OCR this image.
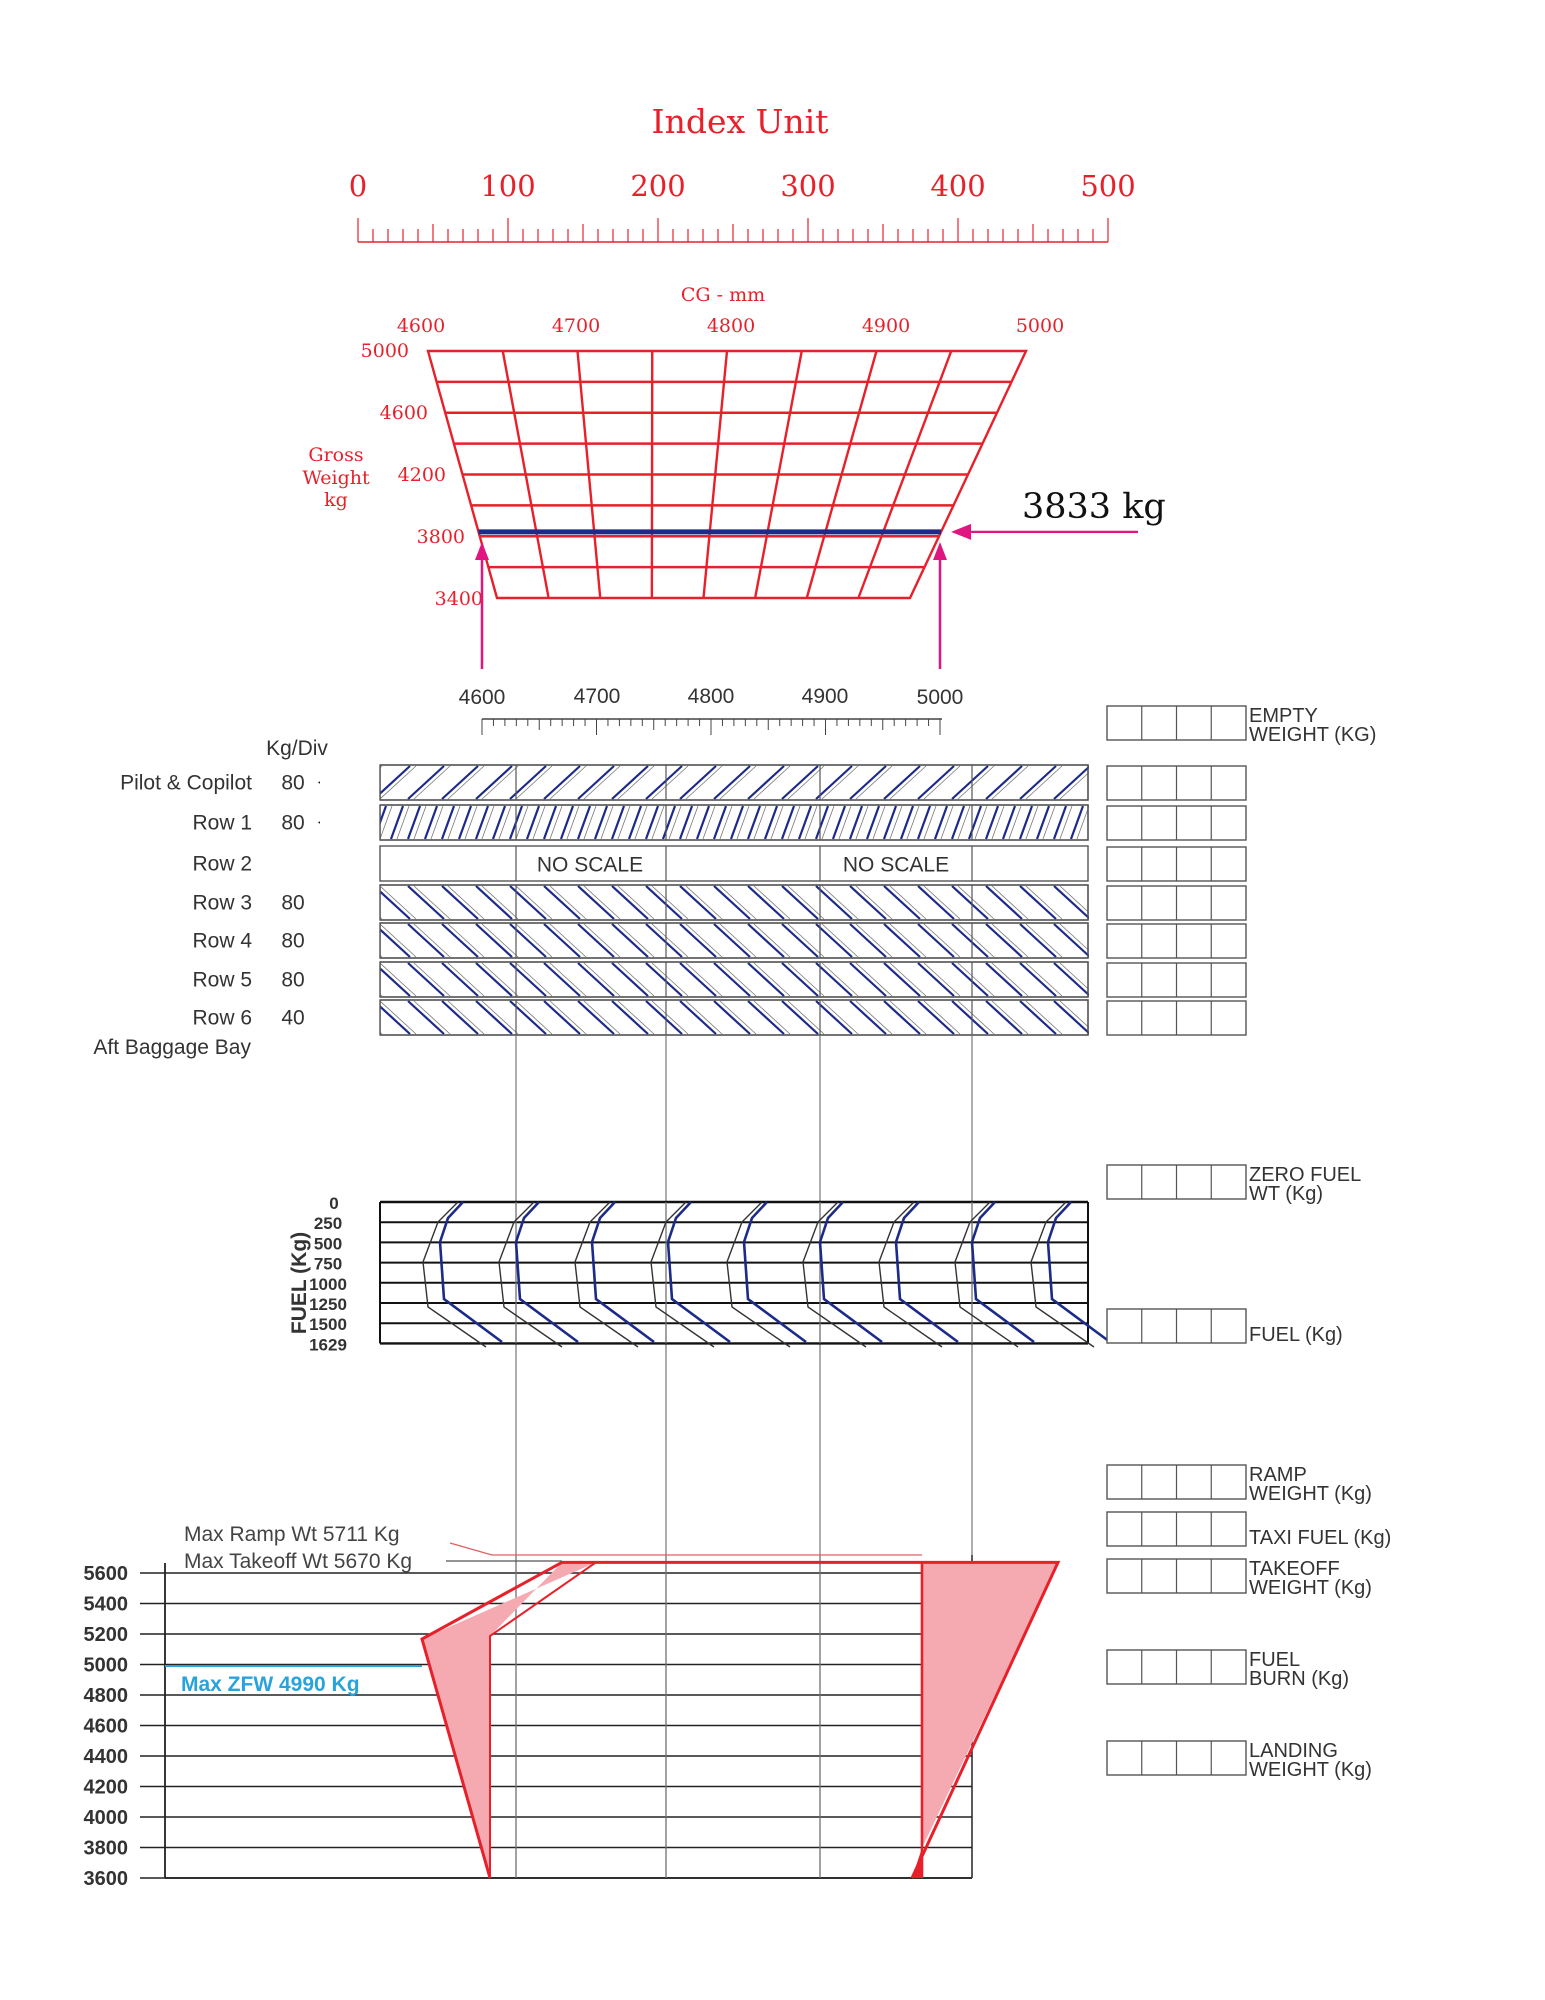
Index Unit
0	100	200	300	400	500
CG - mm
4600	4700	4800	4900	5000
Gross
Weight
kg
5000
4600
4200
3800
3400
3833 kg
4600	4700	4800	4900	5000
Kg/Div
Pilot & Copilot 80
Row 1 80
Row 2	NO SCALE	NO SCALE
Row 3 80
Row 4 80
Row 5 80
Row 6 40
Aft Baggage Bay
FUEL (Kg)
0
250
500
750
1000
1250
1500
1629
5600
5400
5200
5000
4800
4600
4400
4200
4000
3800
3600
Max Ramp Wt 5711 Kg
Max Takeoff Wt 5670 Kg
Max ZFW 4990 Kg
EMPTY
WEIGHT (KG)
ZERO FUEL
WT (Kg)
FUEL (Kg)
RAMP
WEIGHT (Kg)
TAXI FUEL (Kg)
TAKEOFF
WEIGHT (Kg)
FUEL
BURN (Kg)
LANDING
WEIGHT (Kg)
